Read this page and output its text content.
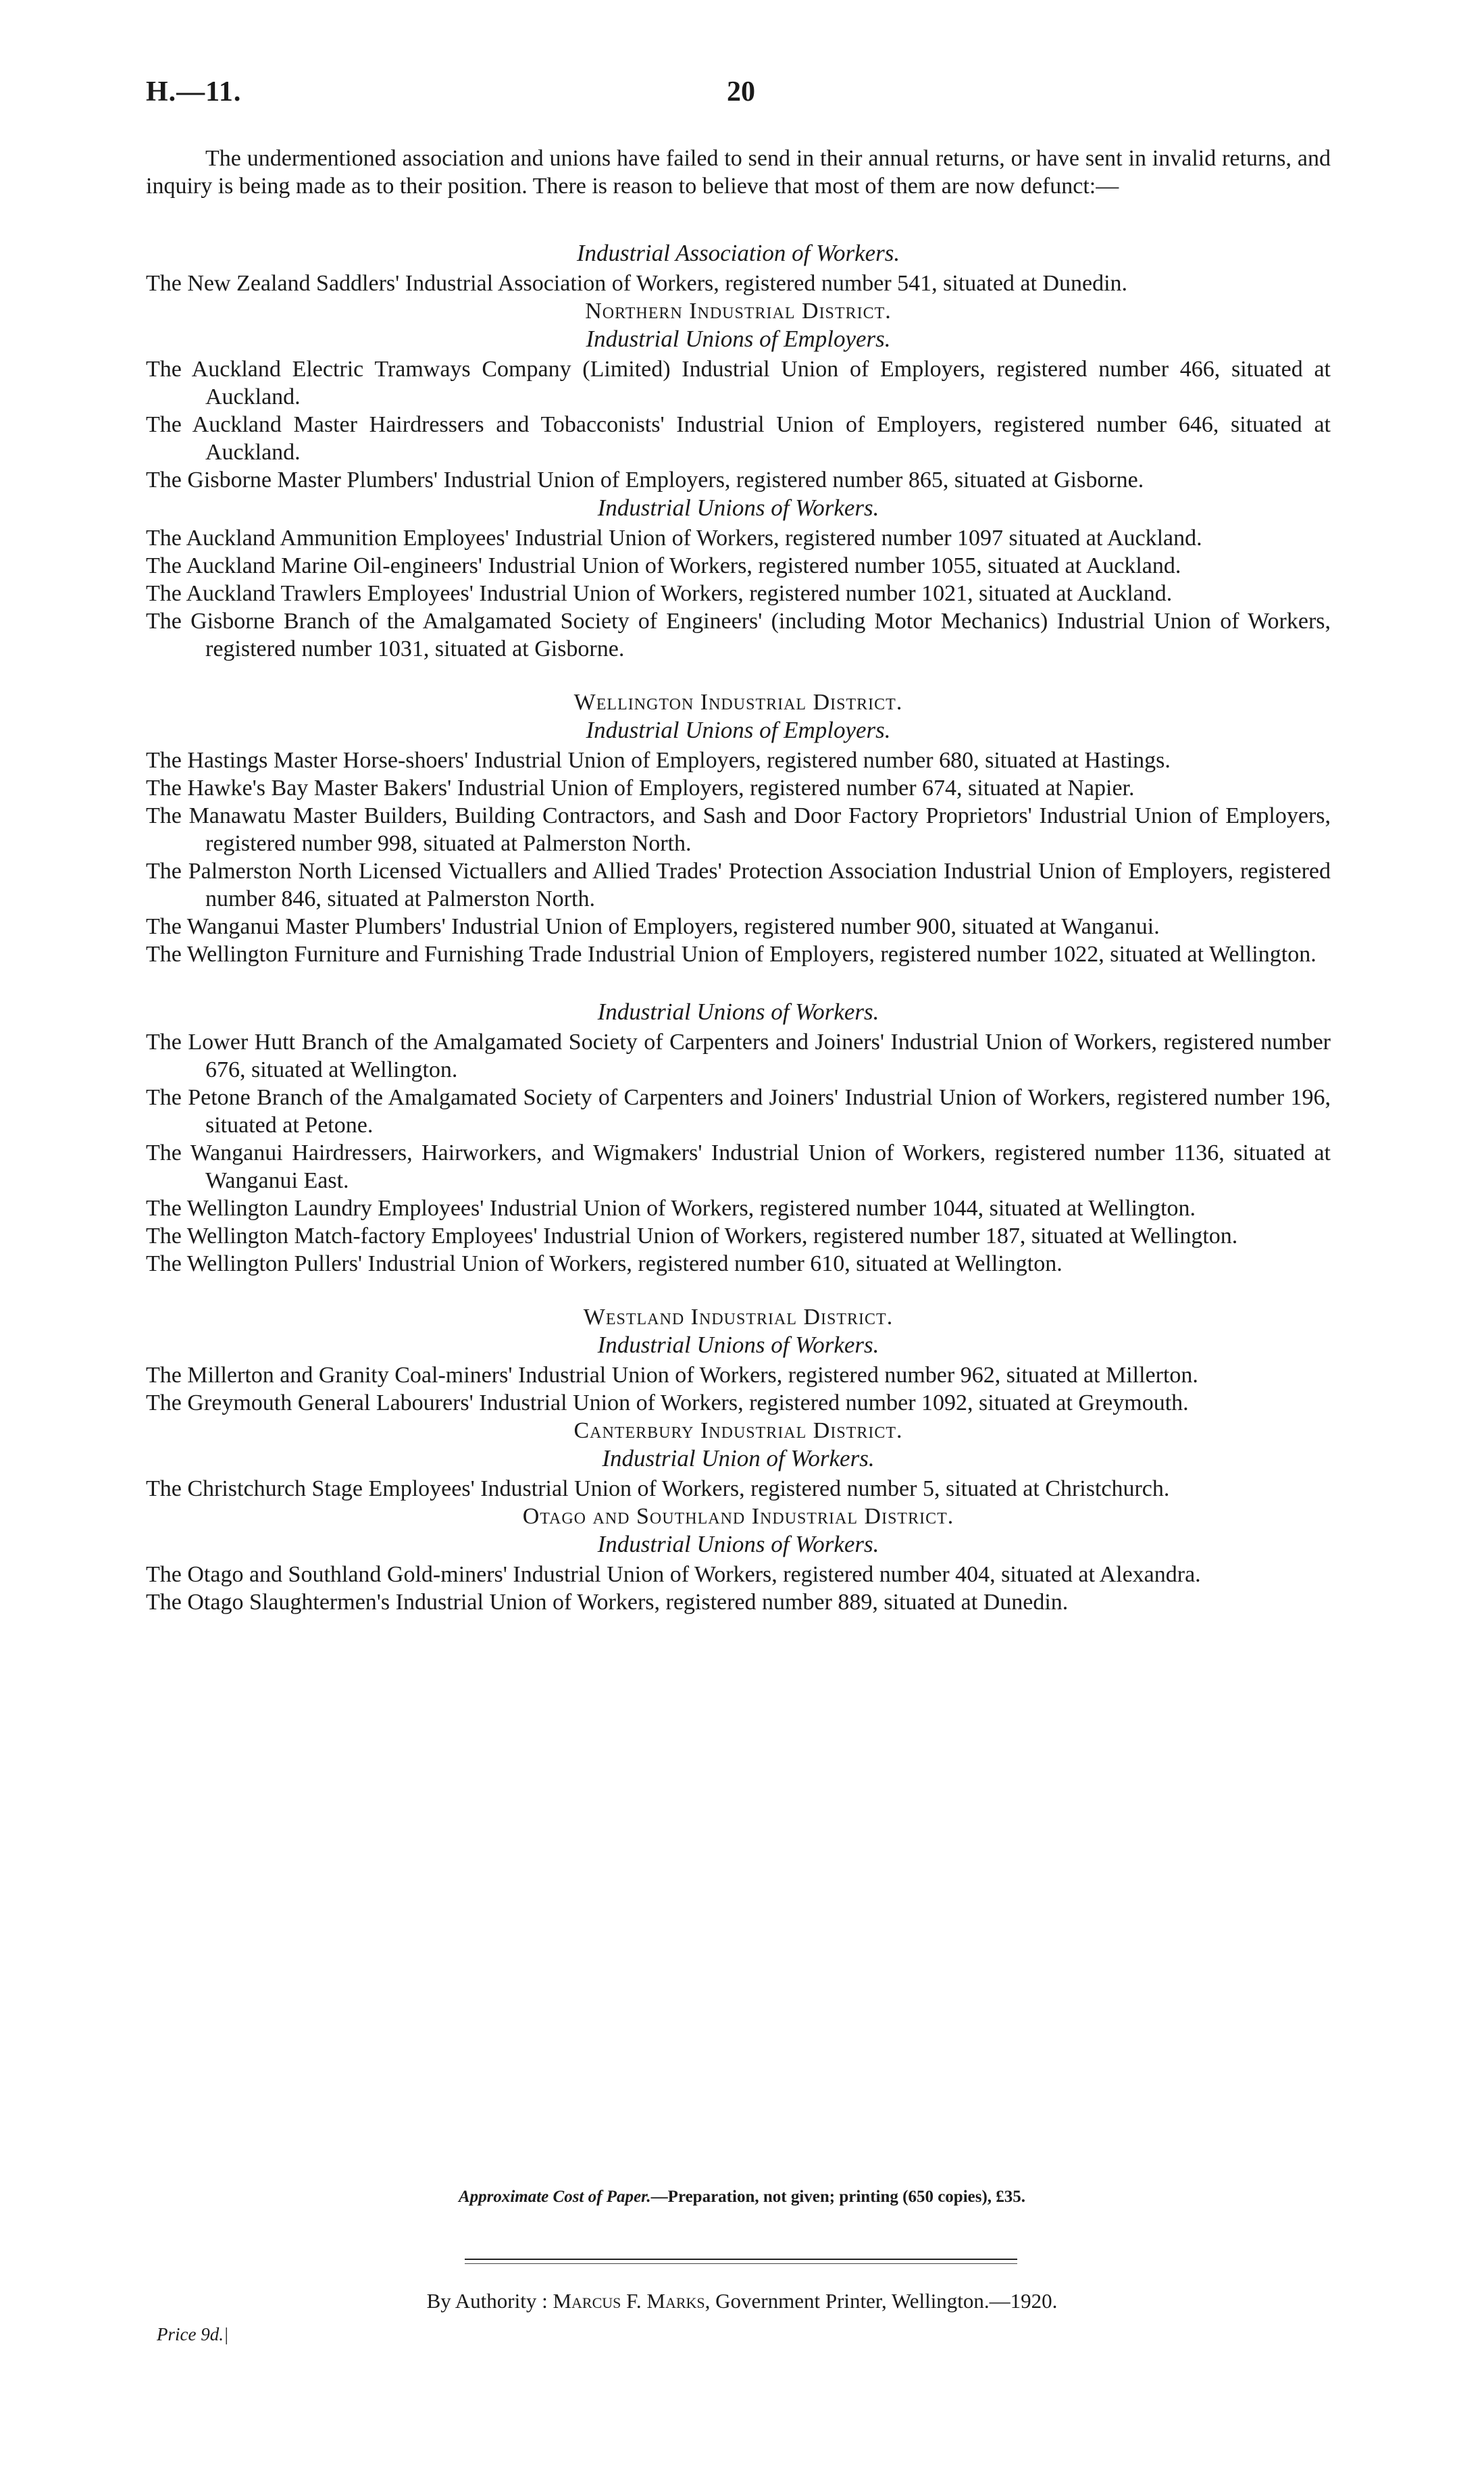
H.—11.	20

The undermentioned association and unions have failed to send in their annual returns, or have sent in invalid returns, and inquiry is being made as to their position. There is reason to believe that most of them are now defunct:—

Industrial Association of Workers.

The New Zealand Saddlers' Industrial Association of Workers, registered number 541, situated at Dunedin.

Northern Industrial District.

Industrial Unions of Employers.

The Auckland Electric Tramways Company (Limited) Industrial Union of Employers, registered number 466, situated at Auckland.

The Auckland Master Hairdressers and Tobacconists' Industrial Union of Employers, registered number 646, situated at Auckland.

The Gisborne Master Plumbers' Industrial Union of Employers, registered number 865, situated at Gisborne.

Industrial Unions of Workers.

The Auckland Ammunition Employees' Industrial Union of Workers, registered number 1097 situated at Auckland.

The Auckland Marine Oil-engineers' Industrial Union of Workers, registered number 1055, situated at Auckland.

The Auckland Trawlers Employees' Industrial Union of Workers, registered number 1021, situated at Auckland.

The Gisborne Branch of the Amalgamated Society of Engineers' (including Motor Mechanics) Industrial Union of Workers, registered number 1031, situated at Gisborne.

Wellington Industrial District.

Industrial Unions of Employers.

The Hastings Master Horse-shoers' Industrial Union of Employers, registered number 680, situated at Hastings.

The Hawke's Bay Master Bakers' Industrial Union of Employers, registered number 674, situated at Napier.

The Manawatu Master Builders, Building Contractors, and Sash and Door Factory Proprietors' Industrial Union of Employers, registered number 998, situated at Palmerston North.

The Palmerston North Licensed Victuallers and Allied Trades' Protection Association Industrial Union of Employers, registered number 846, situated at Palmerston North.

The Wanganui Master Plumbers' Industrial Union of Employers, registered number 900, situated at Wanganui.

The Wellington Furniture and Furnishing Trade Industrial Union of Employers, registered number 1022, situated at Wellington.

Industrial Unions of Workers.

The Lower Hutt Branch of the Amalgamated Society of Carpenters and Joiners' Industrial Union of Workers, registered number 676, situated at Wellington.

The Petone Branch of the Amalgamated Society of Carpenters and Joiners' Industrial Union of Workers, registered number 196, situated at Petone.

The Wanganui Hairdressers, Hairworkers, and Wigmakers' Industrial Union of Workers, registered number 1136, situated at Wanganui East.

The Wellington Laundry Employees' Industrial Union of Workers, registered number 1044, situated at Wellington.

The Wellington Match-factory Employees' Industrial Union of Workers, registered number 187, situated at Wellington.

The Wellington Pullers' Industrial Union of Workers, registered number 610, situated at Wellington.

Westland Industrial District.

Industrial Unions of Workers.

The Millerton and Granity Coal-miners' Industrial Union of Workers, registered number 962, situated at Millerton.

The Greymouth General Labourers' Industrial Union of Workers, registered number 1092, situated at Greymouth.

Canterbury Industrial District.

Industrial Union of Workers.

The Christchurch Stage Employees' Industrial Union of Workers, registered number 5, situated at Christchurch.

Otago and Southland Industrial District.

Industrial Unions of Workers.

The Otago and Southland Gold-miners' Industrial Union of Workers, registered number 404, situated at Alexandra.

The Otago Slaughtermen's Industrial Union of Workers, registered number 889, situated at Dunedin.

Approximate Cost of Paper.—Preparation, not given; printing (650 copies), £35.
By Authority : Marcus F. Marks, Government Printer, Wellington.—1920.
Price 9d.|
